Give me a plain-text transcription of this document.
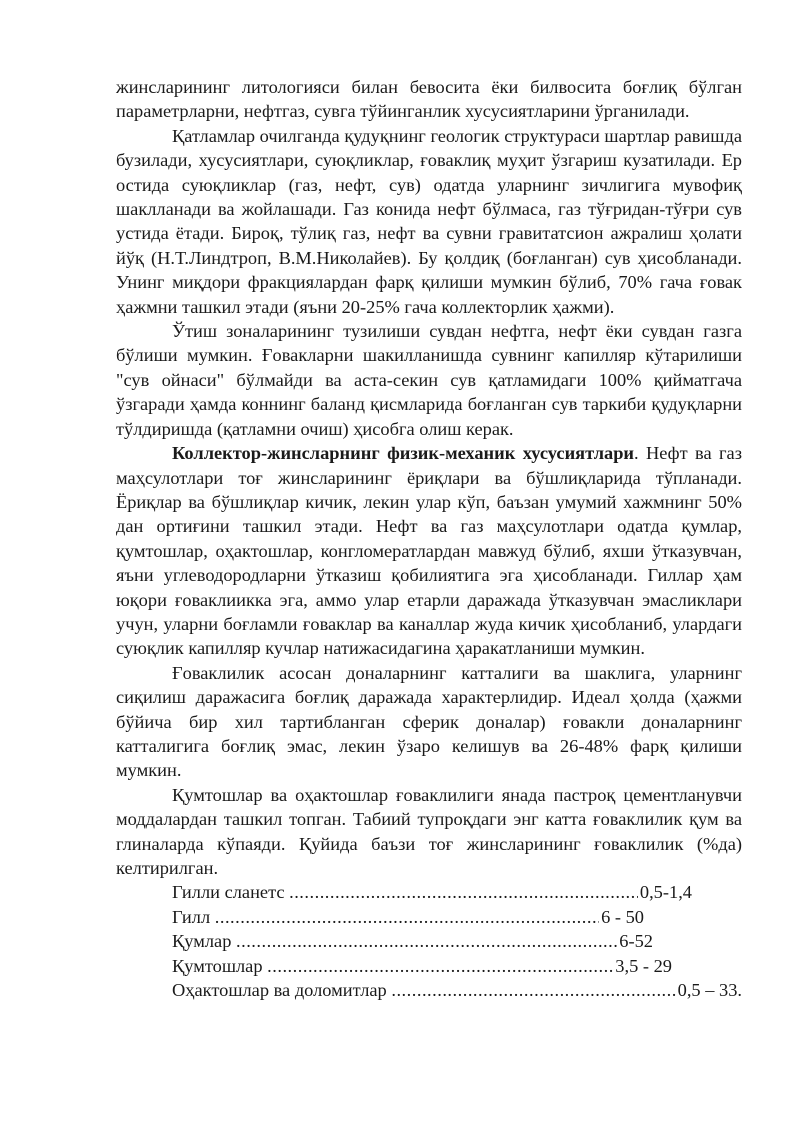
жинсларининг литологияси билан бевосита ёки билвосита боғлиқ бўлган параметрларни, нефтгаз, сувга тўйинганлик хусусиятларини ўрганилади.

Қатламлар очилганда қудуқнинг геологик структураси шартлар равишда бузилади, хусусиятлари, суюқликлар, ғоваклиқ муҳит ўзгариш кузатилади. Ер остида суюқликлар (газ, нефт, сув) одатда уларнинг зичлигига мувофиқ шаклланади ва жойлашади. Газ конида нефт бўлмаса, газ тўғридан-тўғри сув устида ётади. Бироқ, тўлиқ газ, нефт ва сувни гравитатсион ажралиш ҳолати йўқ (Н.Т.Линдтроп, В.М.Николайев). Бу қолдиқ (боғланган) сув ҳисобланади. Унинг миқдори фракциялардан фарқ қилиши мумкин бўлиб, 70% гача ғовак ҳажмни ташкил этади (яъни 20-25% гача коллекторлик ҳажми).

Ўтиш зоналарининг тузилиши сувдан нефтга, нефт ёки сувдан газга бўлиши мумкин. Ғовакларни шакилланишда сувнинг капилляр кўтарилиши "сув ойнаси" бўлмайди ва аста-секин сув қатламидаги 100% қийматгача ўзгаради ҳамда коннинг баланд қисмларида боғланган сув таркиби қудуқларни тўлдиришда (қатламни очиш) ҳисобга олиш керак.

Коллектор-жинсларнинг физик-механик хусусиятлари. Нефт ва газ маҳсулотлари тоғ жинсларининг ёриқлари ва бўшлиқларида тўпланади. Ёриқлар ва бўшлиқлар кичик, лекин улар кўп, баъзан умумий хажмнинг 50% дан ортиғини ташкил этади. Нефт ва газ маҳсулотлари одатда қумлар, қумтошлар, оҳактошлар, конгломератлардан мавжуд бўлиб, яхши ўтказувчан, яъни углеводородларни ўтказиш қобилиятига эга ҳисобланади. Гиллар ҳам юқори ғоваклиикка эга, аммо улар етарли даражада ўтказувчан эмасликлари учун, уларни боғламли ғоваклар ва каналлар жуда кичик ҳисобланиб, улардаги суюқлик капилляр кучлар натижасидагина ҳаракатланиши мумкин.

Ғоваклилик асосан доналарнинг катталиги ва шаклига, уларнинг сиқилиш даражасига боғлиқ даражада характерлидир. Идеал ҳолда (ҳажми бўйича бир хил тартибланган сферик доналар) ғовакли доналарнинг катталигига боғлиқ эмас, лекин ўзаро келишув ва 26-48% фарқ қилиши мумкин.

Қумтошлар ва оҳактошлар ғоваклилиги янада пастроқ цементланувчи моддалардан ташкил топган. Табиий тупроқдаги энг катта ғоваклилик қум ва глиналарда кўпаяди. Қуйида баъзи тоғ жинсларининг ғоваклилик (%да) келтирилган.

Гилли сланетс .....	0,5-1,4
Гилл .....	6 - 50
Қумлар .....	6-52
Қумтошлар .....	3,5 - 29
Оҳактошлар ва доломитлар .....	0,5 – 33.
